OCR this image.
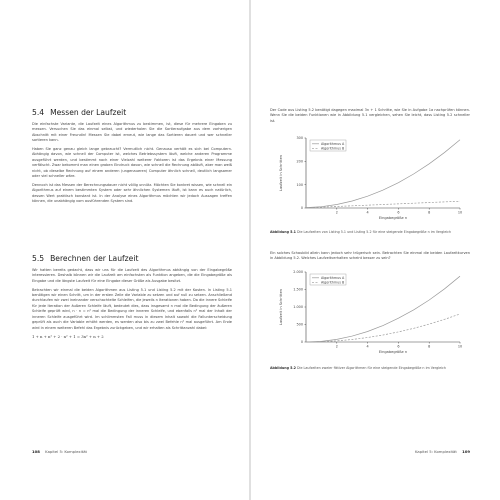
5.4 Messen der Laufzeit

Die einfachste Variante, die Laufzeit eines Algorithmus zu bestimmen, ist, diese für mehrere Eingaben zu messen. Versuchen Sie das einmal selbst, und wiederholen Sie die Sortieraufgabe aus dem vorherigen Abschnitt mit einer Freundin! Messen Sie dabei erneut, wie lange das Sortieren dauert und wer schneller sortieren kann.

Haben Sie ganz genau gleich lange gebraucht? Vermutlich nicht. Genauso verhält es sich bei Computern. Abhängig davon, wie schnell der Computer ist, welches Betriebssystem läuft, welche anderen Programme ausgeführt werden, und bestimmt noch einer Vielzahl weiterer Faktoren ist das Ergebnis einer Messung verfälscht. Zwar bekommt man einen groben Eindruck davon, wie schnell die Rechnung abläuft, aber man weiß nicht, ob dieselbe Rechnung auf einem anderen (ungenaueren) Computer ähnlich schnell, deutlich langsamer oder viel schneller wäre.

Dennoch ist das Messen der Berechnungsdauer nicht völlig unnütz. Möchten Sie konkret wissen, wie schnell ein Algorithmus auf einem bestimmten System oder sehr ähnlichen Systemen läuft, ist kann es auch natürlich, dessen Wert praktisch konstant ist. In der Analyse eines Algorithmus möchten wir jedoch Aussagen treffen können, die unabhängig vom ausführenden System sind.

5.5 Berechnen der Laufzeit

Wir hatten bereits gedacht, dass wir uns für die Laufzeit des Algorithmus abhängig von der Eingabegröße interessieren. Deshalb können wir die Laufzeit am einfachsten als Funktion angeben, die die Eingabegröße als Eingabe und die längste Laufzeit für eine Eingabe dieser Größe als Ausgabe besitzt.

Betrachten wir einmal die beiden Algorithmen aus Listing 5.1 und Listing 5.2 mit der Kosten. In Listing 5.1 benötigen wir einen Schritt, um in der ersten Zeile die Variable zu setzen und auf null zu setzen. Anschließend durchlaufen wir zwei ineinander verschachtelte Schleifen, die jeweils n Iterationen haben. Da die innere Schleife für jede Iteration der äußeren Schleife läuft, bedeutet dies, dass insgesamt n mal die Bedingung der äußeren Schleife geprüft wird, n · n = n² mal die Bedingung der inneren Schleife, und ebenfalls n² mal der Inhalt der inneren Schleife ausgeführt wird. Im schlimmsten Fall muss in diesem Inhalt sowohl die Fallunterscheidung geprüft als auch die Variable erhöht werden, es werden also bis zu zwei Befehle n² mal ausgeführt. Am Ende wird in einem weiteren Befehl das Ergebnis zurückgeben, und wir erhalten als Schrittanzahl dabei:

1 + n + n² + 2 · n² + 1 = 3n² + n + 2
108 Kapitel 5: Komplexität

Der Code aus Listing 5.2 benötigt dagegen maximal 3n + 1 Schritte, wie Sie in Aufgabe 1a nachprüfen können. Wenn Sie die beiden Funktionen wie in Abbildung 5.1 vergleichen, sehen Sie leicht, dass Listing 5.2 schneller ist.

0
100
200
300
2	4	6	8	10
Eingabegröße n
Laufzeit in Schritten
Algorithmus A
Algorithmus B

Abbildung 5.1 Die Laufzeiten von Listing 5.1 und Listing 5.2 für eine steigende Eingabegröße n im Vergleich

Ein solches Schaubild allein kann jedoch sehr trügerisch sein. Betrachten Sie einmal die beiden Laufzeitkurven in Abbildung 5.2. Welches Laufzeitverhalten scheint besser zu sein?

0
500
1.000
1.500
2.000
2	4	6	8	10
Eingabegröße n
Laufzeit in Schritten
Algorithmus A
Algorithmus B

Abbildung 5.2 Die Laufzeiten zweier fiktiver Algorithmen für eine steigende Eingabegröße n im Vergleich

Kapitel 5: Komplexität 109
